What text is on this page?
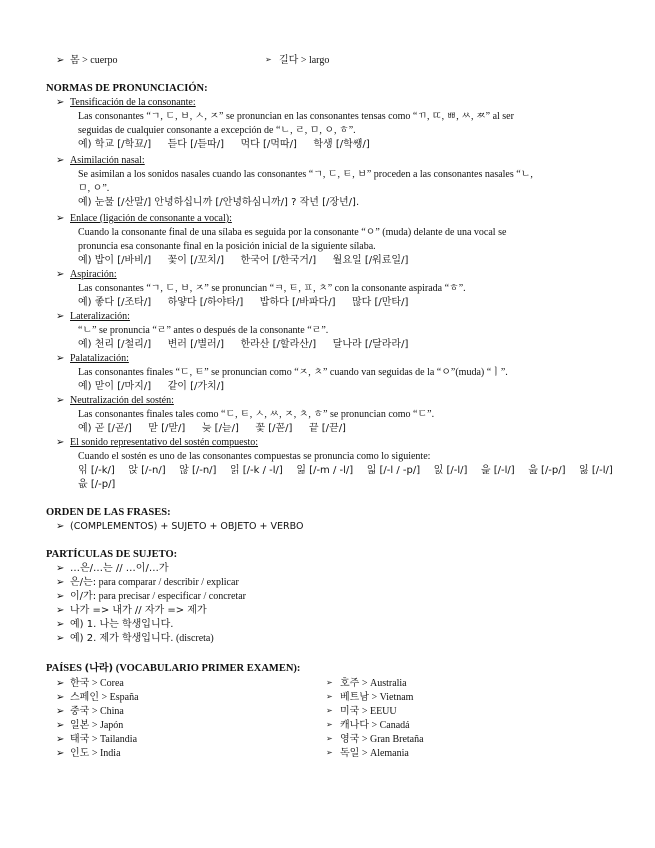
➢ 몸 > cuerpo	➢ 길다 > largo
NORMAS DE PRONUNCIACIÓN:
➢ Tensificación de la consonante:
Las consonantes “ㄱ, ㄷ, ㅂ, ㅅ, ㅈ” se pronuncian en las consonantes tensas como “ㄲ, ㄸ, ㅃ, ㅆ, ㅉ” al ser
seguidas de cualquier consonante a excepción de “ㄴ, ㄹ, ㅁ, ㅇ, ㅎ”.
예) 학교 [/학꾜/] 듣다 [/듣따/] 먹다 [/먹따/] 학생 [/학쌩/]
➢ Asimilación nasal:
Se asimilan a los sonidos nasales cuando las consonantes “ㄱ, ㄷ, ㅌ, ㅂ” proceden a las consonantes nasales “ㄴ,
ㅁ, ㅇ”.
예) 눈물 [/산말/] 안녕하십니까 [/안녕하심니까/] ? 작년 [/장년/].
➢ Enlace (ligación de consonante a vocal):
Cuando la consonante final de una sílaba es seguida por la consonante “ㅇ” (muda) delante de una vocal se
pronuncia esa consonante final en la posición inicial de la siguiente sílaba.
예) 밥이 [/바비/] 꽃이 [/꼬치/] 한국어 [/한국거/] 월요일 [/워료일/]
➢ Aspiración:
Las consonantes “ㄱ, ㄷ, ㅂ, ㅈ” se pronuncian “ㅋ, ㅌ, ㅍ, ㅊ” con la consonante aspirada “ㅎ”.
예) 좋다 [/조타/] 하얗다 [/하야타/] 밥하다 [/바파다/] 많다 [/만타/]
➢ Lateralización:
“ㄴ” se pronuncia “ㄹ” antes o después de la consonante “ㄹ”.
예) 천리 [/철리/] 변러 [/별러/] 한라산 [/할라산/] 달나라 [/달라라/]
➢ Palatalización:
Las consonantes finales “ㄷ, ㅌ” se pronuncian como “ㅈ, ㅊ” cuando van seguidas de la “ㅇ”(muda) “ㅣ”.
예) 맏이 [/마지/] 같이 [/가치/]
➢ Neutralización del sostén:
Las consonantes finales tales como “ㄷ, ㅌ, ㅅ, ㅆ, ㅈ, ㅊ, ㅎ” se pronuncian como “ㄷ”.
예) 곧 [/곧/] 맏 [/맏/] 늦 [/늗/] 꽃 [/꼳/] 끝 [/끋/]
➢ El sonido representativo del sostén compuesto:
Cuando el sostén es uno de las consonantes compuestas se pronuncia como lo siguiente:
읶 [/-k/] 앉 [/-n/] 않 [/-n/] 읽 [/-k / -l/] 읾 [/-m / -l/] 읿 [/-l / -p/] 잀 [/-l/] 읉 [/-l/] 읊 [/-p/] 잃 [/-l/]
읎 [/-p/]
ORDEN DE LAS FRASES:
➢ (COMPLEMENTOS) + SUJETO + OBJETO + VERBO
PARTÍCULAS DE SUJETO:
➢ …은/…는 // …이/…가
➢ 은/는: para comparar / describir / explicar
➢ 이/가: para precisar / especificar / concretar
➢ 나가 => 내가 // 자가 => 제가
➢ 예) 1. 나는 학생입니다.
➢ 예) 2. 제가 학생입니다. (discreta)
PAÍSES (나라) (VOCABULARIO PRIMER EXAMEN):
➢ 한국 > Corea
➢ 스페인 > España
➢ 중국 > China
➢ 일본 > Japón
➢ 태국 > Tailandia
➢ 인도 > India
➢ 호주 > Australia
➢ 베트남 > Vietnam
➢ 미국 > EEUU
➢ 캐나다 > Canadá
➢ 영국 > Gran Bretaña
➢ 독일 > Alemania
